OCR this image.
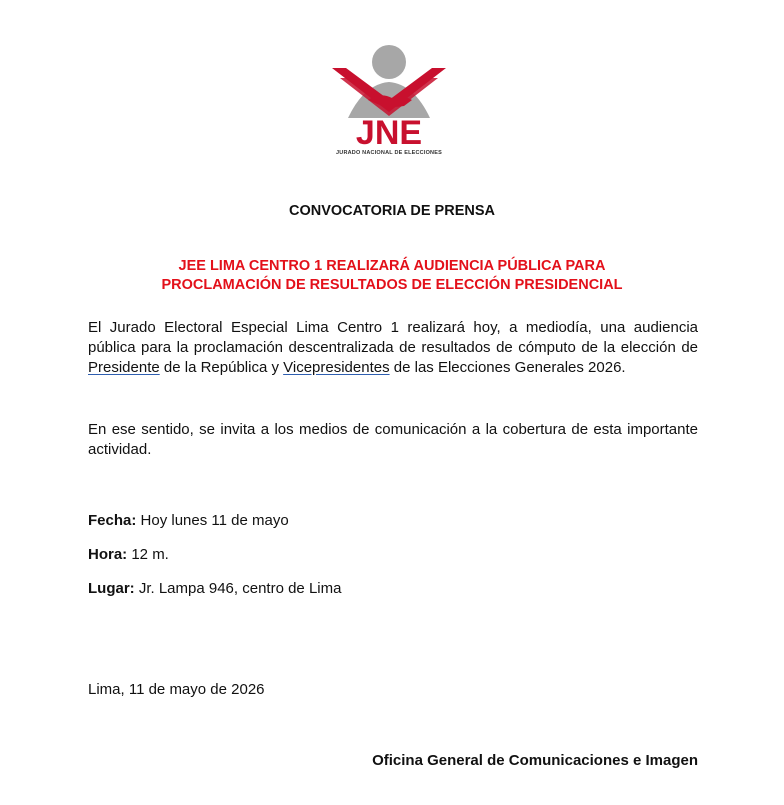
JNE
JURADO NACIONAL DE ELECCIONES
CONVOCATORIA DE PRENSA
JEE LIMA CENTRO 1 REALIZARÁ AUDIENCIA PÚBLICA PARA
PROCLAMACIÓN DE RESULTADOS DE ELECCIÓN PRESIDENCIAL

El Jurado Electoral Especial Lima Centro 1 realizará hoy, a mediodía, una audiencia pública para la proclamación descentralizada de resultados de cómputo de la elección de Presidente de la República y Vicepresidentes de las Elecciones Generales 2026.

En ese sentido, se invita a los medios de comunicación a la cobertura de esta importante actividad.

Fecha: Hoy lunes 11 de mayo
Hora: 12 m.
Lugar: Jr. Lampa 946, centro de Lima
Lima, 11 de mayo de 2026
Oficina General de Comunicaciones e Imagen
